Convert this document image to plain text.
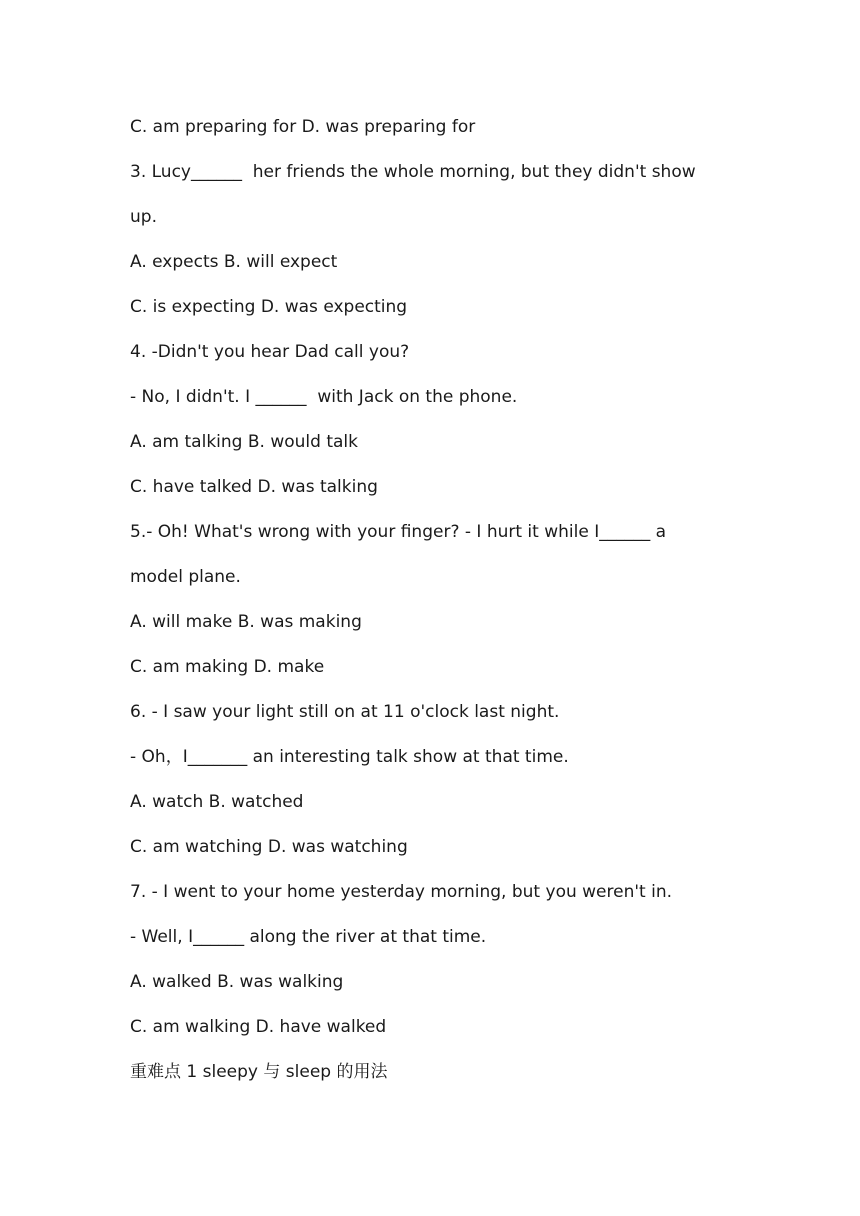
C. am preparing for D. was preparing for
3. Lucy______  her friends the whole morning, but they didn't show
up.
A. expects B. will expect
C. is expecting D. was expecting
4. -Didn't you hear Dad call you?
- No, I didn't. I ______  with Jack on the phone.
A. am talking B. would talk
C. have talked D. was talking
5.- Oh! What's wrong with your finger? - I hurt it while I______ a
model plane.
A. will make B. was making
C. am making D. make
6. - I saw your light still on at 11 o'clock last night.
- Oh，I_______ an interesting talk show at that time.
A. watch B. watched
C. am watching D. was watching
7. - I went to your home yesterday morning, but you weren't in.
- Well, I______ along the river at that time.
A. walked B. was walking
C. am walking D. have walked
重难点 1 sleepy 与 sleep 的用法
